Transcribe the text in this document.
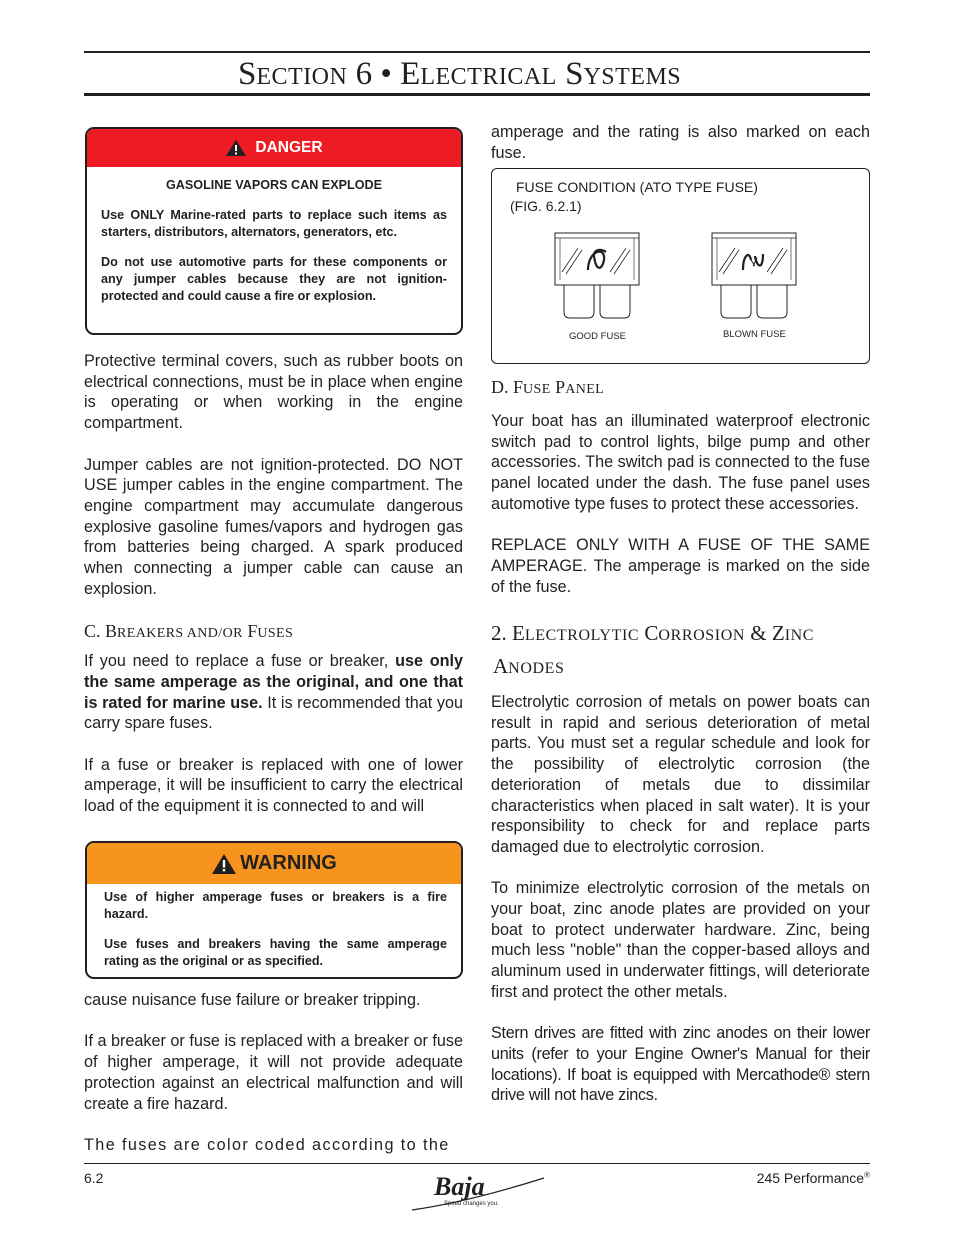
SECTION 6 • ELECTRICAL SYSTEMS
DANGER

GASOLINE VAPORS CAN EXPLODE

Use ONLY Marine-rated parts to replace such items as starters, distributors, alternators, generators, etc.

Do not use automotive parts for these components or any jumper cables because they are not ignition-protected and could cause a fire or explosion.

Protective terminal covers, such as rubber boots on electrical connections, must be in place when engine is operating or when working in the engine compartment.

Jumper cables are not ignition-protected. DO NOT USE jumper cables in the engine compartment. The engine compartment may accumulate dangerous explosive gasoline fumes/vapors and hydrogen gas from batteries being charged. A spark produced when connecting a jumper cable can cause an explosion.

C. BREAKERS AND/OR FUSES

If you need to replace a fuse or breaker, use only the same amperage as the original, and one that is rated for marine use. It is recommended that you carry spare fuses.

If a fuse or breaker is replaced with one of lower amperage, it will be insufficient to carry the electrical load of the equipment it is connected to and will

WARNING

Use of higher amperage fuses or breakers is a fire hazard.

Use fuses and breakers having the same amperage rating as the original or as specified.

cause nuisance fuse failure or breaker tripping.

If a breaker or fuse is replaced with a breaker or fuse of higher amperage, it will not provide adequate protection against an electrical malfunction and will create a fire hazard.

The fuses are color coded according to the

amperage and the rating is also marked on each fuse.

FUSE CONDITION (ATO TYPE FUSE)
(FIG. 6.2.1)
GOOD FUSE	BLOWN FUSE
D. FUSE PANEL

Your boat has an illuminated waterproof electronic switch pad to control lights, bilge pump and other accessories. The switch pad is connected to the fuse panel located under the dash. The fuse panel uses automotive type fuses to protect these accessories.

REPLACE ONLY WITH A FUSE OF THE SAME AMPERAGE. The amperage is marked on the side of the fuse.

2. ELECTROLYTIC CORROSION & ZINC
ANODES

Electrolytic corrosion of metals on power boats can result in rapid and serious deterioration of metal parts. You must set a regular schedule and look for the possibility of electrolytic corrosion (the deterioration of metals due to dissimilar characteristics when placed in salt water). It is your responsibility to check for and replace parts damaged due to electrolytic corrosion.

To minimize electrolytic corrosion of the metals on your boat, zinc anode plates are provided on your boat to protect underwater hardware. Zinc, being much less "noble" than the copper-based alloys and aluminum used in underwater fittings, will deteriorate first and protect the other metals.

Stern drives are fitted with zinc anodes on their lower units (refer to your Engine Owner's Manual for their locations). If boat is equipped with Mercathode® stern drive will not have zincs.

6.2	245 Performance®
Baja
Speed changes you.
